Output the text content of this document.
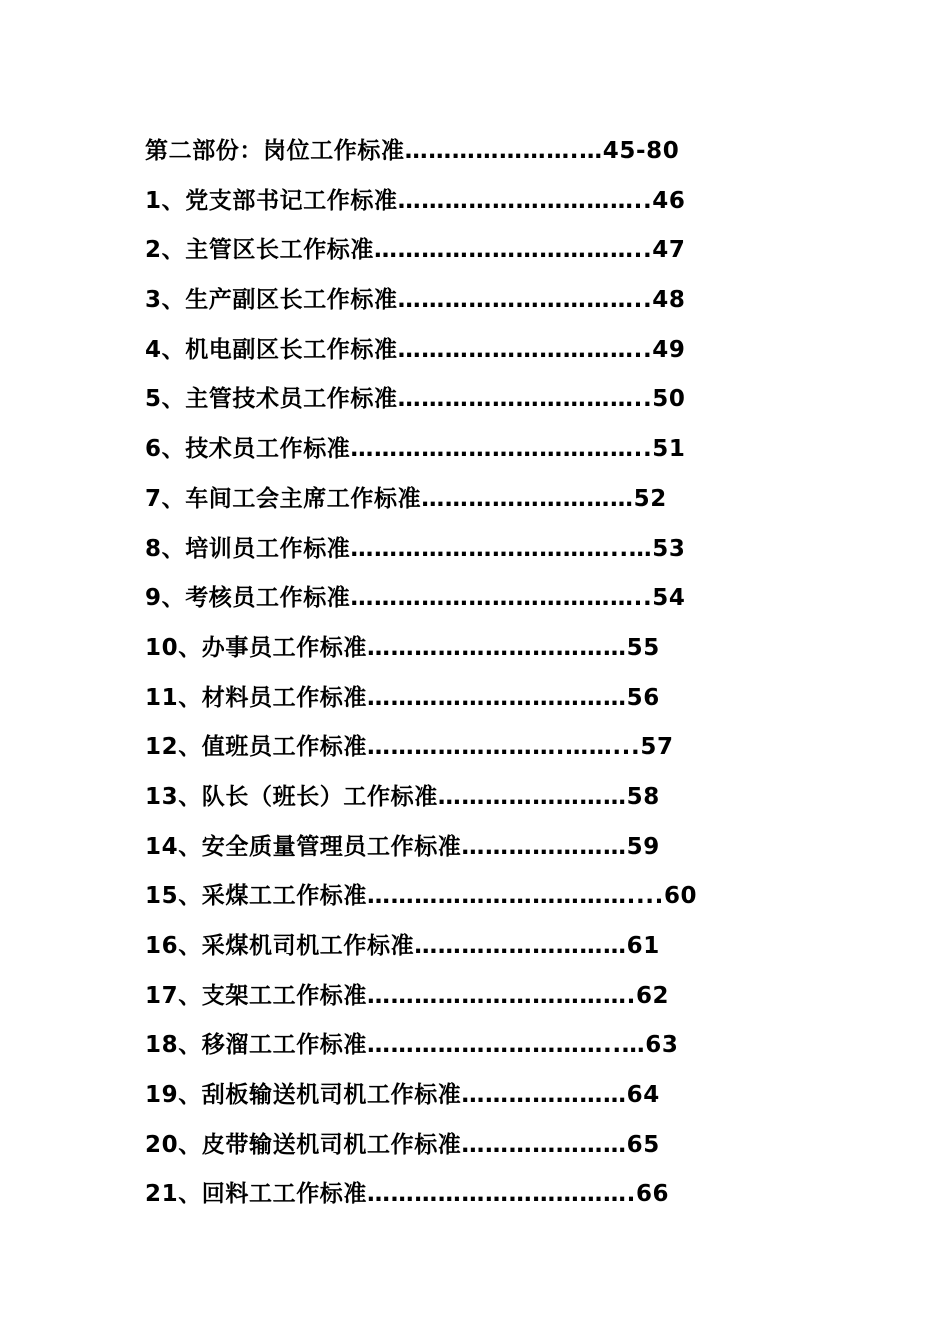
第二部份：岗位工作标准………………….…45-80
1、党支部书记工作标准…………………………..46
2、主管区长工作标准……………………………..47
3、生产副区长工作标准…………………………..48
4、机电副区长工作标准…………………………..49
5、主管技术员工作标准…………………………..50
6、技术员工作标准………………………………..51
7、车间工会主席工作标准………………………52
8、培训员工作标准……………………………..…53
9、考核员工作标准………………………………..54
10、办事员工作标准……………………………55
11、材料员工作标准……………………………56
12、值班员工作标准…………………….……...57
13、队长（班长）工作标准……………………58
14、安全质量管理员工作标准…………………59
15、采煤工工作标准……………………………....60
16、采煤机司机工作标准………………………61
17、支架工工作标准…………………………….62
18、移溜工工作标准…………………………..…63
19、刮板输送机司机工作标准…………………64
20、皮带输送机司机工作标准…………………65
21、回料工工作标准…………………………….66
